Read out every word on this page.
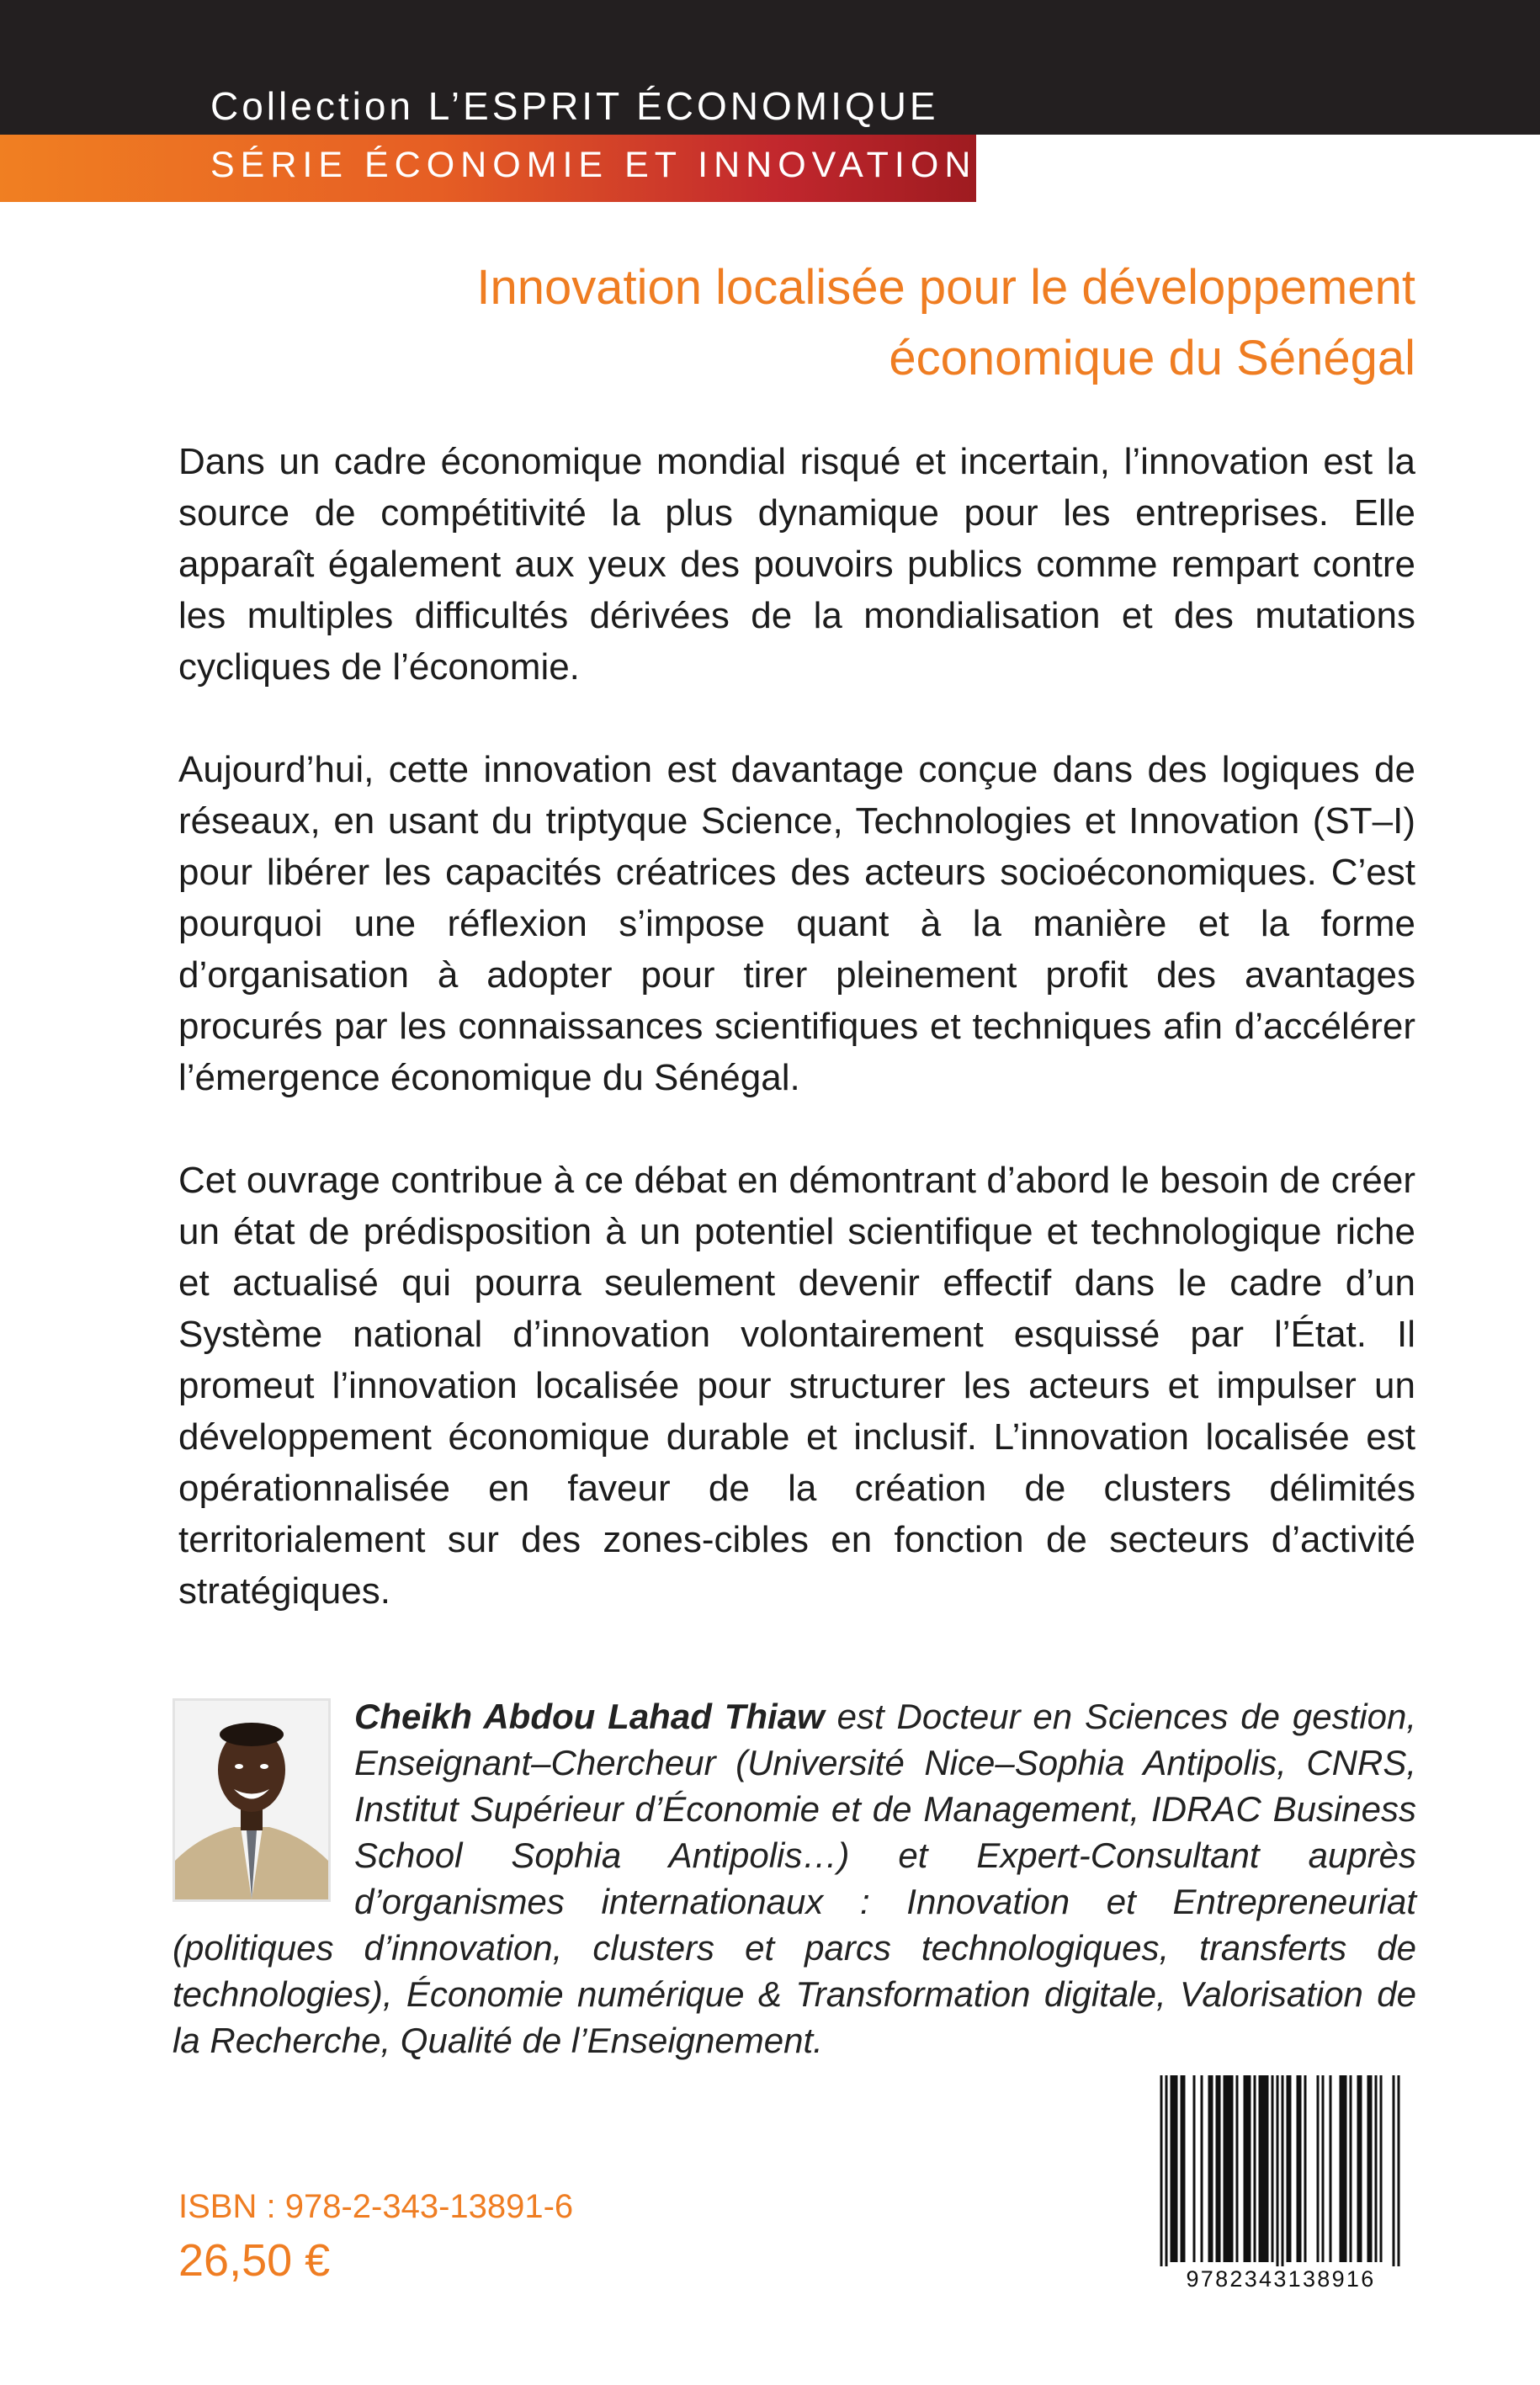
Collection L’ESPRIT ÉCONOMIQUE
SÉRIE ÉCONOMIE ET INNOVATION
Innovation localisée pour le développement
économique du Sénégal

Dans un cadre économique mondial risqué et incertain, l’innovation est la source de compétitivité la plus dynamique pour les entreprises. Elle apparaît également aux yeux des pouvoirs publics comme rempart contre les multiples difficultés dérivées de la mondialisation et des mutations cycliques de l’économie.

Aujourd’hui, cette innovation est davantage conçue dans des logiques de réseaux, en usant du triptyque Science, Technologies et Innovation (ST–I) pour libérer les capacités créatrices des acteurs socioéconomiques. C’est pourquoi une réflexion s’impose quant à la manière et la forme d’organisation à adopter pour tirer pleinement profit des avantages procurés par les connaissances scientifiques et techniques afin d’accélérer l’émergence économique du Sénégal.

Cet ouvrage contribue à ce débat en démontrant d’abord le besoin de créer un état de prédisposition à un potentiel scientifique et technologique riche et actualisé qui pourra seulement devenir effectif dans le cadre d’un Système national d’innovation volontairement esquissé par l’État. Il promeut l’innovation localisée pour structurer les acteurs et impulser un développement économique durable et inclusif. L’innovation localisée est opérationnalisée en faveur de la création de clusters délimités territorialement sur des zones-cibles en fonction de secteurs d’activité stratégiques.

Cheikh Abdou Lahad Thiaw est Docteur en Sciences de gestion, Enseignant–Chercheur (Université Nice–Sophia Antipolis, CNRS, Institut Supérieur d’Économie et de Management, IDRAC Business School Sophia Antipolis…) et Expert-Consultant auprès d’organismes internationaux : Innovation et Entrepreneuriat (politiques d’innovation, clusters et parcs technologiques, transferts de technologies), Économie numérique & Transformation digitale, Valorisation de la Recherche, Qualité de l’Enseignement.

ISBN : 978-2-343-13891-6
26,50 €	9782343138916
